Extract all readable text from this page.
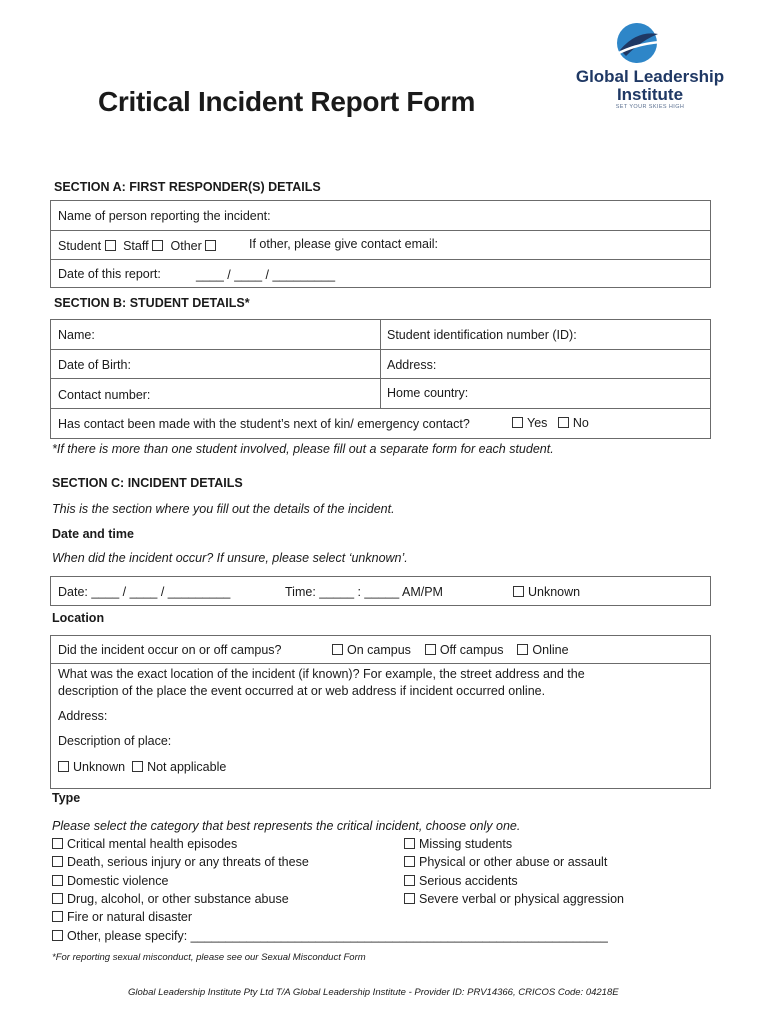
Critical Incident Report Form
Global Leadership
Institute
SET YOUR SKIES HIGH
SECTION A: FIRST RESPONDER(S) DETAILS
Name of person reporting the incident:
Student Staff Other	If other, please give contact email:
Date of this report:	____ / ____ / _________
SECTION B: STUDENT DETAILS*
Name:	Student identification number (ID):
Date of Birth:	Address:
Contact number:	Home country:
Has contact been made with the student’s next of kin/ emergency contact?	Yes No
*If there is more than one student involved, please fill out a separate form for each student.
SECTION C: INCIDENT DETAILS
This is the section where you fill out the details of the incident.
Date and time
When did the incident occur? If unsure, please select ‘unknown’.
Date: ____ / ____ / _________	Time: _____ : _____ AM/PM	Unknown
Location
Did the incident occur on or off campus?	On campus Off campus Online
What was the exact location of the incident (if known)? For example, the street address and the description of the place the event occurred at or web address if incident occurred online.
Address:
Description of place:
Unknown Not applicable
Type
Please select the category that best represents the critical incident, choose only one.
Critical mental health episodes
Death, serious injury or any threats of these
Domestic violence
Drug, alcohol, or other substance abuse
Fire or natural disaster
Other, please specify: ____________________________________________________________
Missing students
Physical or other abuse or assault
Serious accidents
Severe verbal or physical aggression
*For reporting sexual misconduct, please see our Sexual Misconduct Form
Global Leadership Institute Pty Ltd T/A Global Leadership Institute - Provider ID: PRV14366, CRICOS Code: 04218E
